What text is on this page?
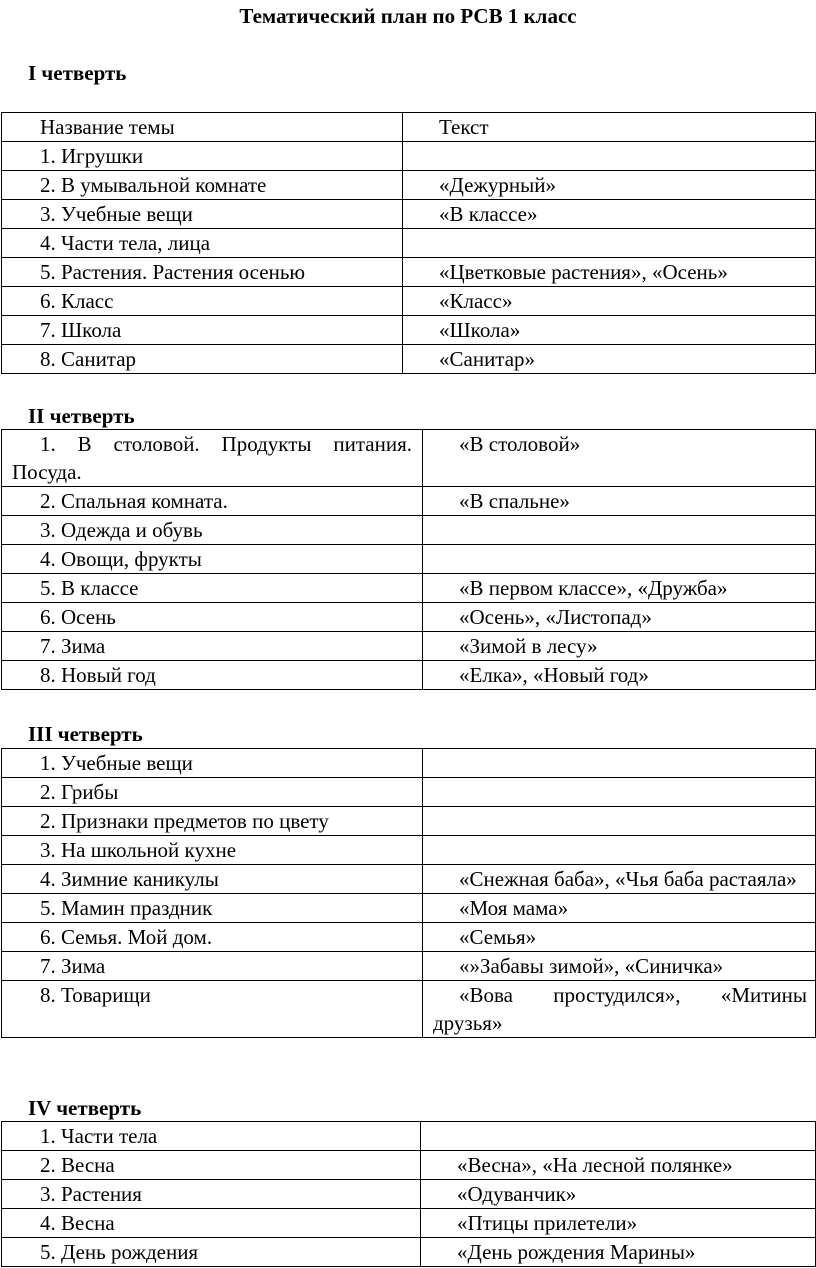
Тематический план по РСВ 1 класс
I четверть
Название темы	Текст

1. Игрушки	

2. В умывальной комнате	«Дежурный»

3. Учебные вещи	«В классе»

4. Части тела, лица	

5. Растения. Растения осенью	«Цветковые растения», «Осень»

6. Класс	«Класс»

7. Школа	«Школа»

8. Санитар	«Санитар»
II четверть
1. В столовой. Продукты питания. Посуда.	«В столовой»

2. Спальная комната.	«В спальне»

3. Одежда и обувь	

4. Овощи, фрукты	

5. В классе	«В первом классе», «Дружба»

6. Осень	«Осень», «Листопад»

7. Зима	«Зимой в лесу»

8. Новый год	«Елка», «Новый год»
III четверть
1. Учебные вещи	

2. Грибы	

2. Признаки предметов по цвету	

3. На школьной кухне	

4. Зимние каникулы	«Снежная баба», «Чья баба растаяла»

5. Мамин праздник	«Моя мама»

6. Семья. Мой дом.	«Семья»

7. Зима	«»Забавы зимой», «Синичка»

8. Товарищи	«Вова простудился», «Митины друзья»
IV четверть
1. Части тела	

2. Весна	«Весна», «На лесной полянке»

3. Растения	«Одуванчик»

4. Весна	«Птицы прилетели»

5. День рождения	«День рождения Марины»
